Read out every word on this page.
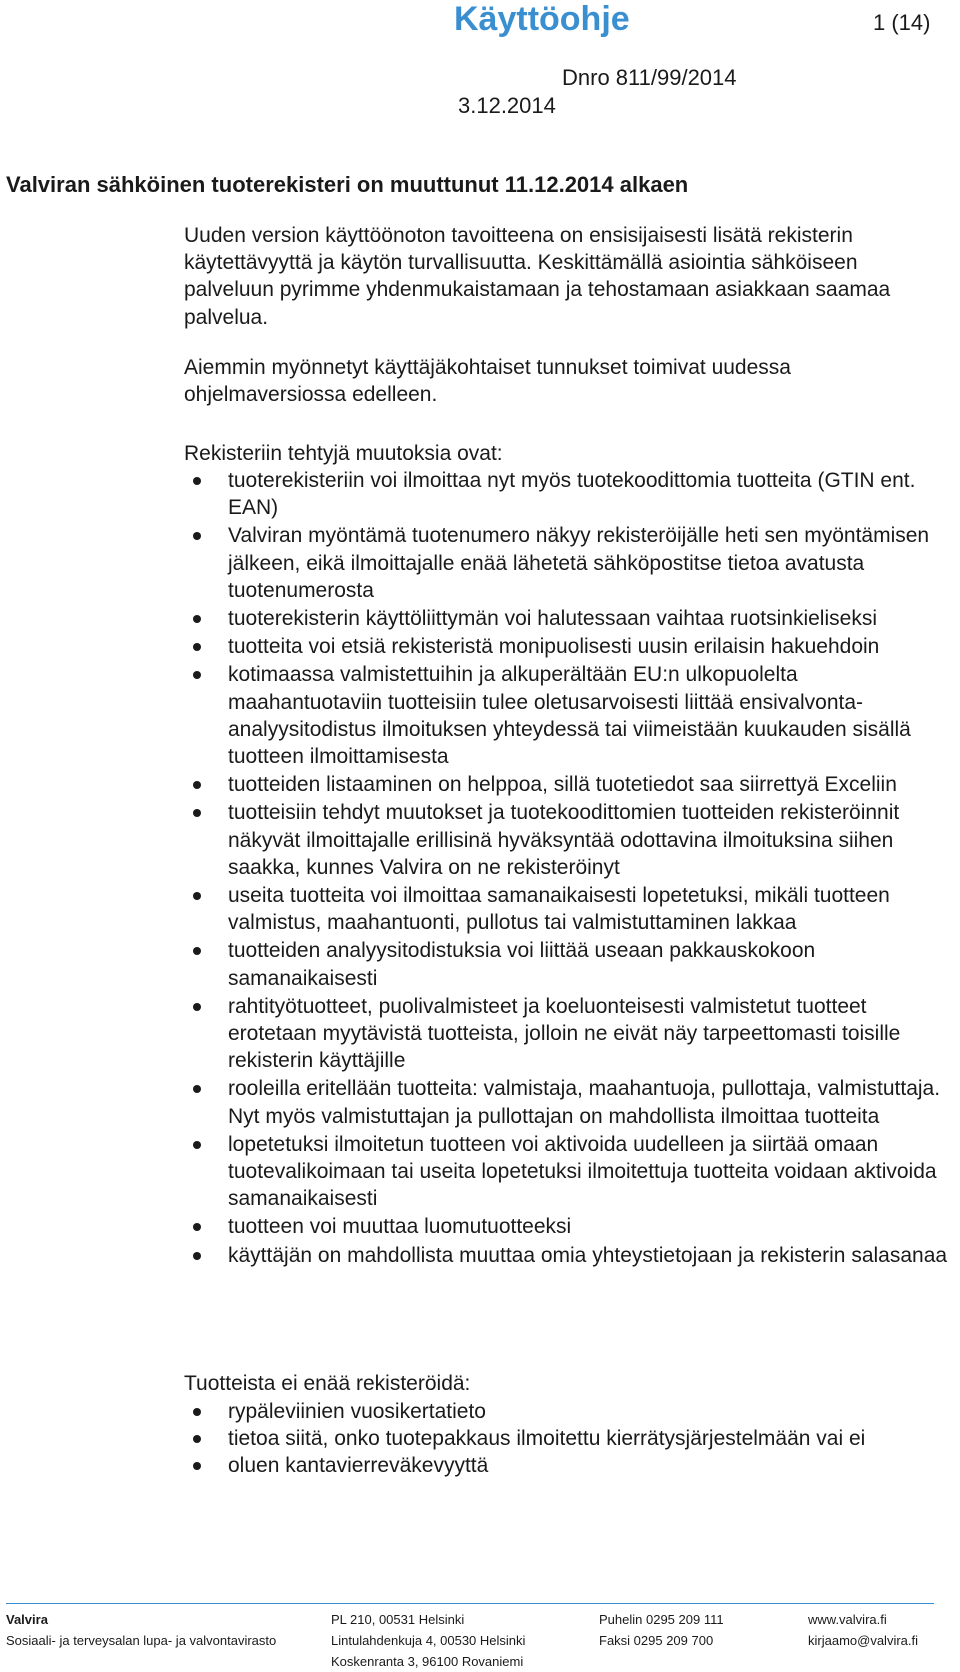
Käyttöohje	1 (14)
Dnro 811/99/2014
3.12.2014
Valviran sähköinen tuoterekisteri on muuttunut 11.12.2014 alkaen
Uuden version käyttöönoton tavoitteena on ensisijaisesti lisätä rekisterin käytettävyyttä ja käytön turvallisuutta. Keskittämällä asiointia sähköiseen palveluun pyrimme yhdenmukaistamaan ja tehostamaan asiakkaan saamaa palvelua.
Aiemmin myönnetyt käyttäjäkohtaiset tunnukset toimivat uudessa ohjelmaversiossa edelleen.
Rekisteriin tehtyjä muutoksia ovat:
tuoterekisteriin voi ilmoittaa nyt myös tuotekoodittomia tuotteita (GTIN ent. EAN)
Valviran myöntämä tuotenumero näkyy rekisteröijälle heti sen myöntämisen jälkeen, eikä ilmoittajalle enää lähetetä sähköpostitse tietoa avatusta tuotenumerosta
tuoterekisterin käyttöliittymän voi halutessaan vaihtaa ruotsinkieliseksi
tuotteita voi etsiä rekisteristä monipuolisesti uusin erilaisin hakuehdoin
kotimaassa valmistettuihin ja alkuperältään EU:n ulkopuolelta maahantuotaviin tuotteisiin tulee oletusarvoisesti liittää ensivalvonta-analyysitodistus ilmoituksen yhteydessä tai viimeistään kuukauden sisällä tuotteen ilmoittamisesta
tuotteiden listaaminen on helppoa, sillä tuotetiedot saa siirrettyä Exceliin
tuotteisiin tehdyt muutokset ja tuotekoodittomien tuotteiden rekisteröinnit näkyvät ilmoittajalle erillisinä hyväksyntää odottavina ilmoituksina siihen saakka, kunnes Valvira on ne rekisteröinyt
useita tuotteita voi ilmoittaa samanaikaisesti lopetetuksi, mikäli tuotteen valmistus, maahantuonti, pullotus tai valmistuttaminen lakkaa
tuotteiden analyysitodistuksia voi liittää useaan pakkauskokoon samanaikaisesti
rahtityötuotteet, puolivalmisteet ja koeluonteisesti valmistetut tuotteet erotetaan myytävistä tuotteista, jolloin ne eivät näy tarpeettomasti toisille rekisterin käyttäjille
rooleilla eritellään tuotteita: valmistaja, maahantuoja, pullottaja, valmistuttaja. Nyt myös valmistuttajan ja pullottajan on mahdollista ilmoittaa tuotteita
lopetetuksi ilmoitetun tuotteen voi aktivoida uudelleen ja siirtää omaan tuotevalikoimaan tai useita lopetetuksi ilmoitettuja tuotteita voidaan aktivoida samanaikaisesti
tuotteen voi muuttaa luomutuotteeksi
käyttäjän on mahdollista muuttaa omia yhteystietojaan ja rekisterin salasanaa
Tuotteista ei enää rekisteröidä:
rypäleviinien vuosikertatieto
tietoa siitä, onko tuotepakkaus ilmoitettu kierrätysjärjestelmään vai ei
oluen kantavierreväkevyyttä
Valvira
Sosiaali- ja terveysalan lupa- ja valvontavirasto
PL 210, 00531 Helsinki
Lintulahdenkuja 4, 00530 Helsinki
Koskenranta 3, 96100 Rovaniemi
Puhelin 0295 209 111
Faksi 0295 209 700
www.valvira.fi
kirjaamo@valvira.fi
